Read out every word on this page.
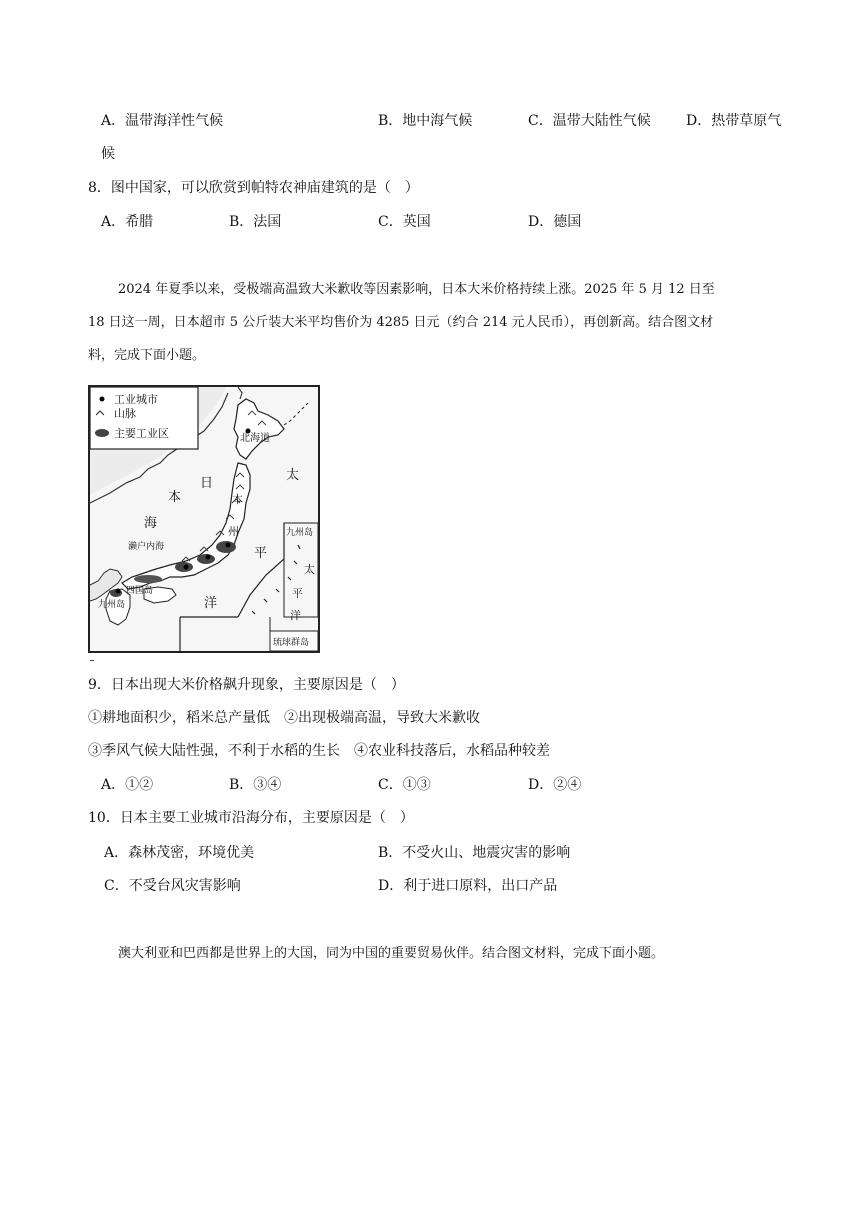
A．温带海洋性气候	B．地中海气候	C．温带大陆性气候	D．热带草原气
候
8．图中国家，可以欣赏到帕特农神庙建筑的是（　）
A．希腊	B．法国	C．英国	D．德国
2024 年夏季以来，受极端高温致大米歉收等因素影响，日本大米价格持续上涨。2025 年 5 月 12 日至
18 日这一周，日本超市 5 公斤装大米平均售价为 4285 日元（约合 214 元人民币），再创新高。结合图文材
料，完成下面小题。
工业城市
山脉
主要工业区
日
本
海
太
平
洋
北海道
本
州
濑户内海
四国岛
九州岛
九州岛
太
平
洋
琉球群岛
9．日本出现大米价格飙升现象，主要原因是（　）
①耕地面积少，稻米总产量低　②出现极端高温，导致大米歉收
③季风气候大陆性强，不利于水稻的生长　④农业科技落后，水稻品种较差
A．①②	B．③④	C．①③	D．②④
10．日本主要工业城市沿海分布，主要原因是（　）
A．森林茂密，环境优美	B．不受火山、地震灾害的影响
C．不受台风灾害影响	D．利于进口原料，出口产品
澳大利亚和巴西都是世界上的大国，同为中国的重要贸易伙伴。结合图文材料，完成下面小题。
